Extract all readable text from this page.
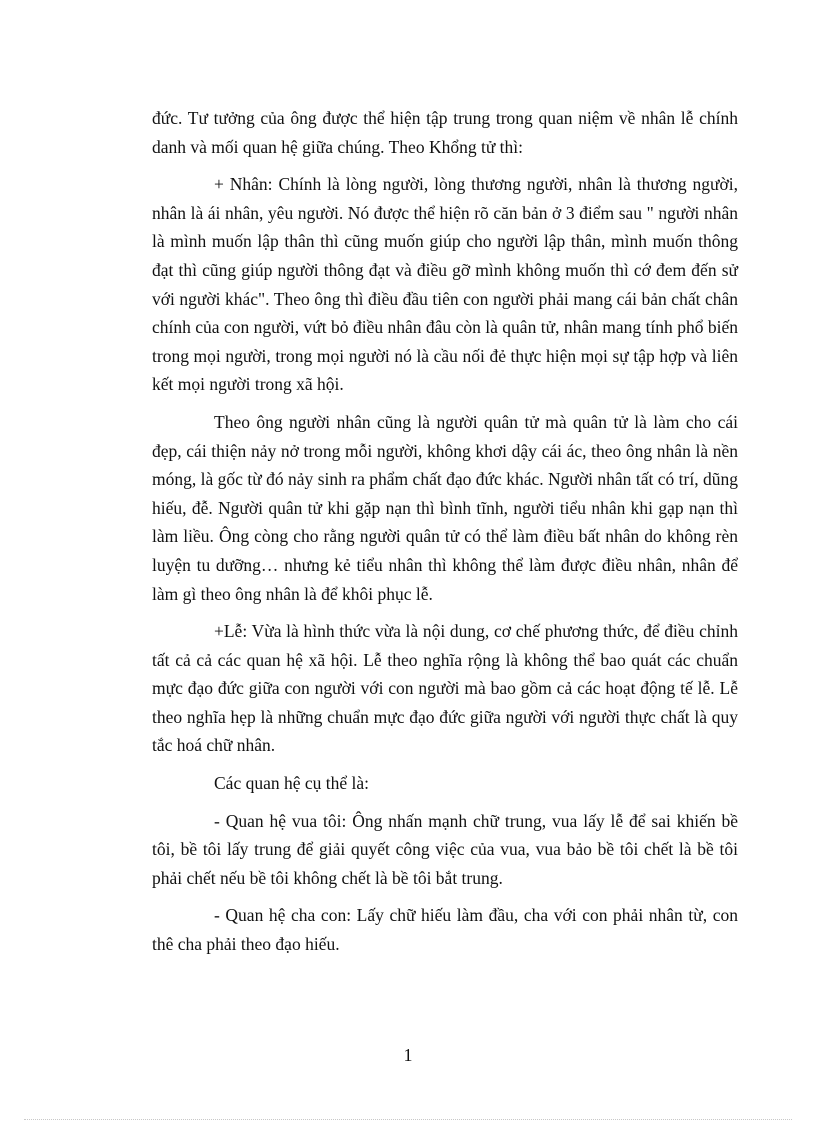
đức. Tư tưởng của ông được thể hiện tập trung trong quan niệm về nhân lễ chính danh và mối quan hệ giữa chúng. Theo Khổng tử thì:

+ Nhân: Chính là lòng người, lòng thương người, nhân là thương người, nhân là ái nhân, yêu người. Nó được thể hiện rõ căn bản ở 3 điểm sau " người nhân là mình muốn lập thân thì cũng muốn giúp cho người lập thân, mình muốn thông đạt thì cũng giúp người thông đạt và điều gỡ mình không muốn thì cớ đem đến sử với người khác". Theo ông thì điều đầu tiên con người phải mang cái bản chất chân chính của con người, vứt bỏ điều nhân đâu còn là quân tử, nhân mang tính phổ biến trong mọi người, trong mọi người nó là cầu nối đẻ thực hiện mọi sự tập hợp và liên kết mọi người trong xã hội.

Theo ông người nhân cũng là người quân tử mà quân tử là làm cho cái đẹp, cái thiện nảy nở trong mỗi người, không khơi dậy cái ác, theo ông nhân là nền móng, là gốc từ đó nảy sinh ra phẩm chất đạo đức khác. Người nhân tất có trí, dũng hiếu, đễ. Người quân tử khi gặp nạn thì bình tĩnh, người tiểu nhân khi gạp nạn thì làm liều. Ông còng cho rằng người quân tử có thể làm điều bất nhân do không rèn luyện tu dưỡng… nhưng kẻ tiểu nhân thì không thể làm được điều nhân, nhân để làm gì theo ông nhân là để khôi phục lễ.

+Lễ: Vừa là hình thức vừa là nội dung, cơ chế phương thức, để điều chỉnh tất cả cả các quan hệ xã hội. Lễ theo nghĩa rộng là không thể bao quát các chuẩn mực đạo đức giữa con người với con người mà bao gồm cả các hoạt động tế lễ. Lễ theo nghĩa hẹp là những chuẩn mực đạo đức giữa người với người thực chất là quy tắc hoá chữ nhân.

Các quan hệ cụ thể là:

- Quan hệ vua tôi: Ông nhấn mạnh chữ trung, vua lấy lễ để sai khiến bề tôi, bề tôi lấy trung để giải quyết công việc của vua, vua bảo bề tôi chết là bề tôi phải chết nếu bề tôi không chết là bề tôi bắt trung.

- Quan hệ cha con: Lấy chữ hiếu làm đầu, cha với con phải nhân từ, con thê cha phải theo đạo hiếu.

1
